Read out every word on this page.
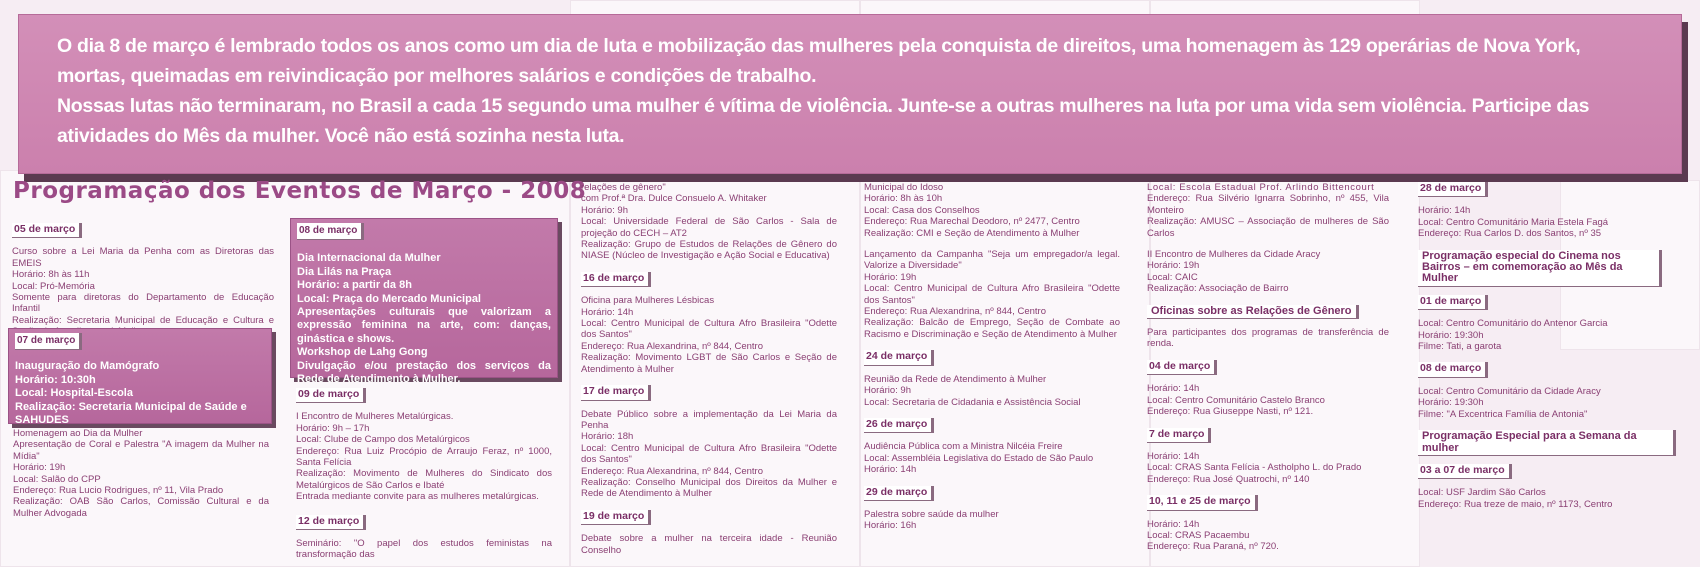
O dia 8 de março é lembrado todos os anos como um dia de luta e mobilização das mulheres pela conquista de direitos, uma homenagem às 129 operárias de Nova York, mortas, queimadas em reivindicação por melhores salários e condições de trabalho.

Nossas lutas não terminaram, no Brasil a cada 15 segundo uma mulher é vítima de violência. Junte-se a outras mulheres na luta por uma vida sem violência. Participe das atividades do Mês da mulher. Você não está sozinha nesta luta.

Programação dos Eventos de Março - 2008
05 de março
Curso sobre a Lei Maria da Penha com as Diretoras das EMEIS
Horário: 8h às 11h
Local: Pró-Memória
Somente para diretoras do Departamento de Educação Infantil
Realização: Secretaria Municipal de Educação e Cultura e
07 de março
Inauguração do Mamógrafo
Horário: 10:30h
Local: Hospital-Escola
Realização: Secretaria Municipal de Saúde e SAHUDES
Homenagem ao Dia da Mulher
Apresentação de Coral e Palestra "A imagem da Mulher na Mídia"
Horário: 19h
Local: Salão do CPP
Endereço: Rua Lucio Rodrigues, nº 11, Vila Prado
Realização: OAB São Carlos, Comissão Cultural e da Mulher Advogada
08 de março
Dia Internacional da Mulher
Dia Lilás na Praça
Horário: a partir da 8h
Local: Praça do Mercado Municipal
Apresentações culturais que valorizam a expressão feminina na arte, com: danças, ginástica e shows.
Workshop de Lahg Gong
Divulgação e/ou prestação dos serviços da Rede de Atendimento à Mulher.
09 de março
I Encontro de Mulheres Metalúrgicas.
Horário: 9h – 17h
Local: Clube de Campo dos Metalúrgicos
Endereço: Rua Luiz Procópio de Arraujo Feraz, nº 1000, Santa Felícia
Realização: Movimento de Mulheres do Sindicato dos Metalúrgicos de São Carlos e Ibaté
Entrada mediante convite para as mulheres metalúrgicas.
12 de março
Seminário: "O papel dos estudos feministas na transformação das
relações de gênero"
com Prof.ª Dra. Dulce Consuelo A. Whitaker
Horário: 9h
Local: Universidade Federal de São Carlos - Sala de projeção do CECH – AT2
Realização: Grupo de Estudos de Relações de Gênero do NIASE (Núcleo de Investigação e Ação Social e Educativa)
16 de março
Oficina para Mulheres Lésbicas
Horário: 14h
Local: Centro Municipal de Cultura Afro Brasileira "Odette dos Santos"
Endereço: Rua Alexandrina, nº 844, Centro
Realização: Movimento LGBT de São Carlos e Seção de Atendimento à Mulher
17 de março
Debate Público sobre a implementação da Lei Maria da Penha
Horário: 18h
Local: Centro Municipal de Cultura Afro Brasileira "Odette dos Santos"
Endereço: Rua Alexandrina, nº 844, Centro
Realização: Conselho Municipal dos Direitos da Mulher e Rede de Atendimento à Mulher
19 de março
Debate sobre a mulher na terceira idade - Reunião Conselho
Municipal do Idoso
Horário: 8h às 10h
Local: Casa dos Conselhos
Endereço: Rua Marechal Deodoro, nº 2477, Centro
Realização: CMI e Seção de Atendimento à Mulher
Lançamento da Campanha "Seja um empregador/a legal. Valorize a Diversidade"
Horário: 19h
Local: Centro Municipal de Cultura Afro Brasileira "Odette dos Santos"
Endereço: Rua Alexandrina, nº 844, Centro
Realização: Balcão de Emprego, Seção de Combate ao Racismo e Discriminação e Seção de Atendimento à Mulher
24 de março
Reunião da Rede de Atendimento à Mulher
Horário: 9h
Local: Secretaria de Cidadania e Assistência Social
26 de março
Audiência Pública com a Ministra Nilcéia Freire
Local: Assembléia Legislativa do Estado de São Paulo
Horário: 14h
29 de março
Palestra sobre saúde da mulher
Horário: 16h
Local: Escola Estadual Prof. Arlindo Bittencourt
Endereço: Rua Silvério Ignarra Sobrinho, nº 455, Vila Monteiro
Realização: AMUSC – Associação de mulheres de São Carlos
II Encontro de Mulheres da Cidade Aracy
Horário: 19h
Local: CAIC
Realização: Associação de Bairro
Oficinas sobre as Relações de Gênero
Para participantes dos programas de transferência de renda.
04 de março
Horário: 14h
Local: Centro Comunitário Castelo Branco
Endereço: Rua Giuseppe Nasti, nº 121.
7 de março
Horário: 14h
Local: CRAS Santa Felícia - Astholpho L. do Prado
Endereço: Rua José Quatrochi, nº 140
10, 11 e 25 de março
Horário: 14h
Local: CRAS Pacaembu
Endereço: Rua Paraná, nº 720.
28 de março
Horário: 14h
Local: Centro Comunitário Maria Estela Fagá
Endereço: Rua Carlos D. dos Santos, nº 35
Programação especial do Cinema nos Bairros – em comemoração ao Mês da Mulher 01 de março
Local: Centro Comunitário do Antenor Garcia
Horário: 19:30h
Filme: Tati, a garota
08 de março
Local: Centro Comunitário da Cidade Aracy
Horário: 19:30h
Filme: "A Excentrica Família de Antonia"
Programação Especial para a Semana da mulher 03 a 07 de março
Local: USF Jardim São Carlos
Endereço: Rua treze de maio, nº 1173, Centro
